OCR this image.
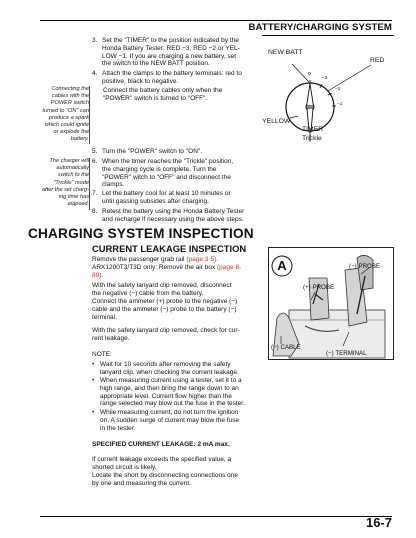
BATTERY/CHARGING SYSTEM
Connecting the
cables with the
POWER switch
turned to "ON" can
produce a spark
which could ignite
or explode the
battery.
The charger will
automatically
switch to the
"Trickle" mode
after the set charg-
ing time has
elapsed.
3. Set the "TIMER" to the position indicated by the
Honda Battery Tester; RED −3, RED −2 or YEL-
LOW −1. If you are charging a new battery, set
the switch to the NEW BATT position.
4. Attach the clamps to the battery terminals: red to
positive, black to negative.
Connect the battery cables only when the
"POWER" switch is turned to "OFF".
5. Turn the "POWER" switch to "ON".
6. When the timer reaches the "Trickle" position,
the charging cycle is complete. Turn the
"POWER" witch to "OFF" and disconnect the
clamps.
7. Let the battery cool for at least 10 minutes or
until gassing subsides after charging.
8. Retest the battery using the Honda Battery Tester
and recharge if necessary using the above steps.
NEW BATT
RED
YELLOW
TIMER
Trickle
0
−3
−2
−1
CHARGING SYSTEM INSPECTION
CURRENT LEAKAGE INSPECTION
Remove the passenger grab rail (page 3-5).
ARX1200T3/T3D only: Remove the air box (page 8-
89).
With the safety lanyard clip removed, disconnect
the negative (−) cable from the battery.
Connect the ammeter (+) probe to the negative (−)
cable and the ammeter (−) probe to the battery (−)
terminal.
With the safety lanyard clip removed, check for cur-
rent leakage.
NOTE:
• Wait for 10 seconds after removing the safety
lanyard clip, when checking the current leakage.
• When measuring current using a tester, set it to a
high range, and then bring the range down to an
appropriate level. Current flow higher than the
range selected may blow out the fuse in the tester.
• While measuring current, do not turn the ignition
on. A sudden surge of current may blow the fuse
in the tester.
SPECIFIED CURRENT LEAKAGE: 2 mA max.
If current leakage exceeds the specified value, a
shorted circuit is likely.
Locate the short by disconnecting connections one
by one and measuring the current.
A	(−) PROBE
(+) PROBE
(−) CABLE
(−) TERMINAL
16-7
